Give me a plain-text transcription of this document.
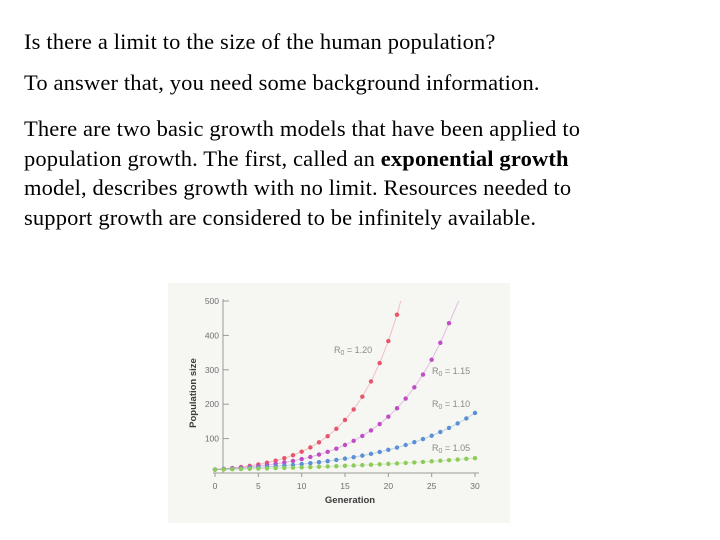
Is there a limit to the size of the human population?

To answer that, you need some background information.

There are two basic growth models that have been applied to
population growth. The first, called an exponential growth
model, describes growth with no limit. Resources needed to
support growth are considered to be infinitely available.

100
200
300
400
500
0	5	10	15	20	25	30
$R_0 = 1.20$
$R_0 = 1.15$
$R_0 = 1.10$
$R_0 = 1.05$
Generation
Population size
